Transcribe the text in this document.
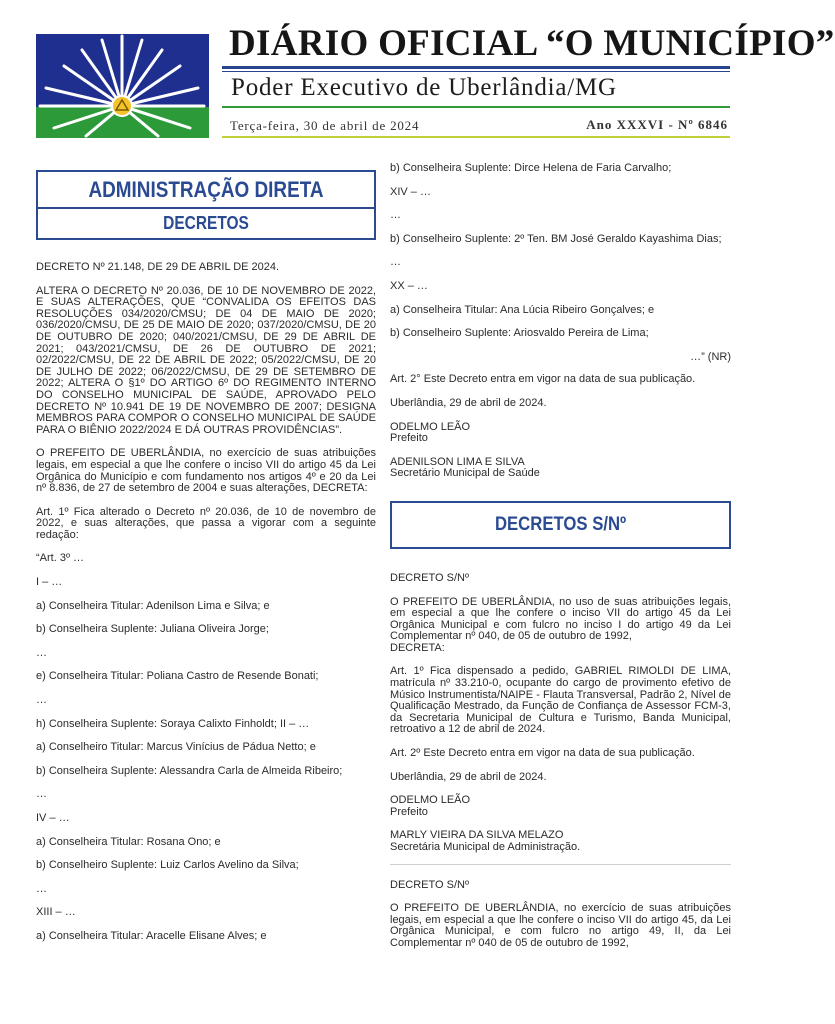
DIÁRIO OFICIAL “O MUNICÍPIO”
Poder Executivo de Uberlândia/MG
Terça-feira, 30 de abril de 2024	Ano XXXVI - Nº 6846
ADMINISTRAÇÃO DIRETA
DECRETOS

DECRETO Nº 21.148, DE 29 DE ABRIL DE 2024.

ALTERA O DECRETO Nº 20.036, DE 10 DE NOVEMBRO DE 2022, E SUAS ALTERAÇÕES, QUE “CONVALIDA OS EFEITOS DAS RESOLUÇÕES 034/2020/CMSU; DE 04 DE MAIO DE 2020; 036/2020/CMSU, DE 25 DE MAIO DE 2020; 037/2020/CMSU, DE 20 DE OUTUBRO DE 2020; 040/2021/CMSU, DE 29 DE ABRIL DE 2021; 043/2021/CMSU, DE 26 DE OUTUBRO DE 2021; 02/2022/CMSU, DE 22 DE ABRIL DE 2022; 05/2022/CMSU, DE 20 DE JULHO DE 2022; 06/2022/CMSU, DE 29 DE SETEMBRO DE 2022; ALTERA O §1º DO ARTIGO 6º DO REGIMENTO INTERNO DO CONSELHO MUNICIPAL DE SAÚDE, APROVADO PELO DECRETO Nº 10.941 DE 19 DE NOVEMBRO DE 2007; DESIGNA MEMBROS PARA COMPOR O CONSELHO MUNICIPAL DE SAÚDE PARA O BIÊNIO 2022/2024 E DÁ OUTRAS PROVIDÊNCIAS”.

O PREFEITO DE UBERLÂNDIA, no exercício de suas atribuições legais, em especial a que lhe confere o inciso VII do artigo 45 da Lei Orgânica do Município e com fundamento nos artigos 4º e 20 da Lei nº 8.836, de 27 de setembro de 2004 e suas alterações, DECRETA:

Art. 1º Fica alterado o Decreto nº 20.036, de 10 de novembro de 2022, e suas alterações, que passa a vigorar com a seguinte redação:

“Art. 3º …

I – …

a) Conselheira Titular: Adenilson Lima e Silva; e

b) Conselheira Suplente: Juliana Oliveira Jorge;

…

e) Conselheira Titular: Poliana Castro de Resende Bonati;

…

h) Conselheira Suplente: Soraya Calixto Finholdt; II – …

a) Conselheiro Titular: Marcus Vinícius de Pádua Netto; e

b) Conselheira Suplente: Alessandra Carla de Almeida Ribeiro;

…

IV – …

a) Conselheira Titular: Rosana Ono; e

b) Conselheiro Suplente: Luiz Carlos Avelino da Silva;

…

XIII – …

a) Conselheira Titular: Aracelle Elisane Alves; e

b) Conselheira Suplente: Dirce Helena de Faria Carvalho;

XIV – …

…

b) Conselheiro Suplente: 2º Ten. BM José Geraldo Kayashima Dias;

…

XX – …

a) Conselheira Titular: Ana Lúcia Ribeiro Gonçalves; e

b) Conselheiro Suplente: Ariosvaldo Pereira de Lima;

…” (NR)

Art. 2° Este Decreto entra em vigor na data de sua publicação.

Uberlândia, 29 de abril de 2024.

ODELMO LEÃO

Prefeito

ADENILSON LIMA E SILVA

Secretário Municipal de Saúde

DECRETOS S/Nº

DECRETO S/Nº

O PREFEITO DE UBERLÂNDIA, no uso de suas atribuições legais, em especial a que lhe confere o inciso VII do artigo 45 da Lei Orgânica Municipal e com fulcro no inciso I do artigo 49 da Lei Complementar nº 040, de 05 de outubro de 1992,

DECRETA:

Art. 1º Fica dispensado a pedido, GABRIEL RIMOLDI DE LIMA, matrícula nº 33.210-0, ocupante do cargo de provimento efetivo de Músico Instrumentista/NAIPE - Flauta Transversal, Padrão 2, Nível de Qualificação Mestrado, da Função de Confiança de Assessor FCM-3, da Secretaria Municipal de Cultura e Turismo, Banda Municipal, retroativo a 12 de abril de 2024.

Art. 2º Este Decreto entra em vigor na data de sua publicação.

Uberlândia, 29 de abril de 2024.

ODELMO LEÃO

Prefeito

MARLY VIEIRA DA SILVA MELAZO

Secretária Municipal de Administração.

DECRETO S/Nº

O PREFEITO DE UBERLÂNDIA, no exercício de suas atribuições legais, em especial a que lhe confere o inciso VII do artigo 45, da Lei Orgânica Municipal, e com fulcro no artigo 49, II, da Lei Complementar nº 040 de 05 de outubro de 1992,
